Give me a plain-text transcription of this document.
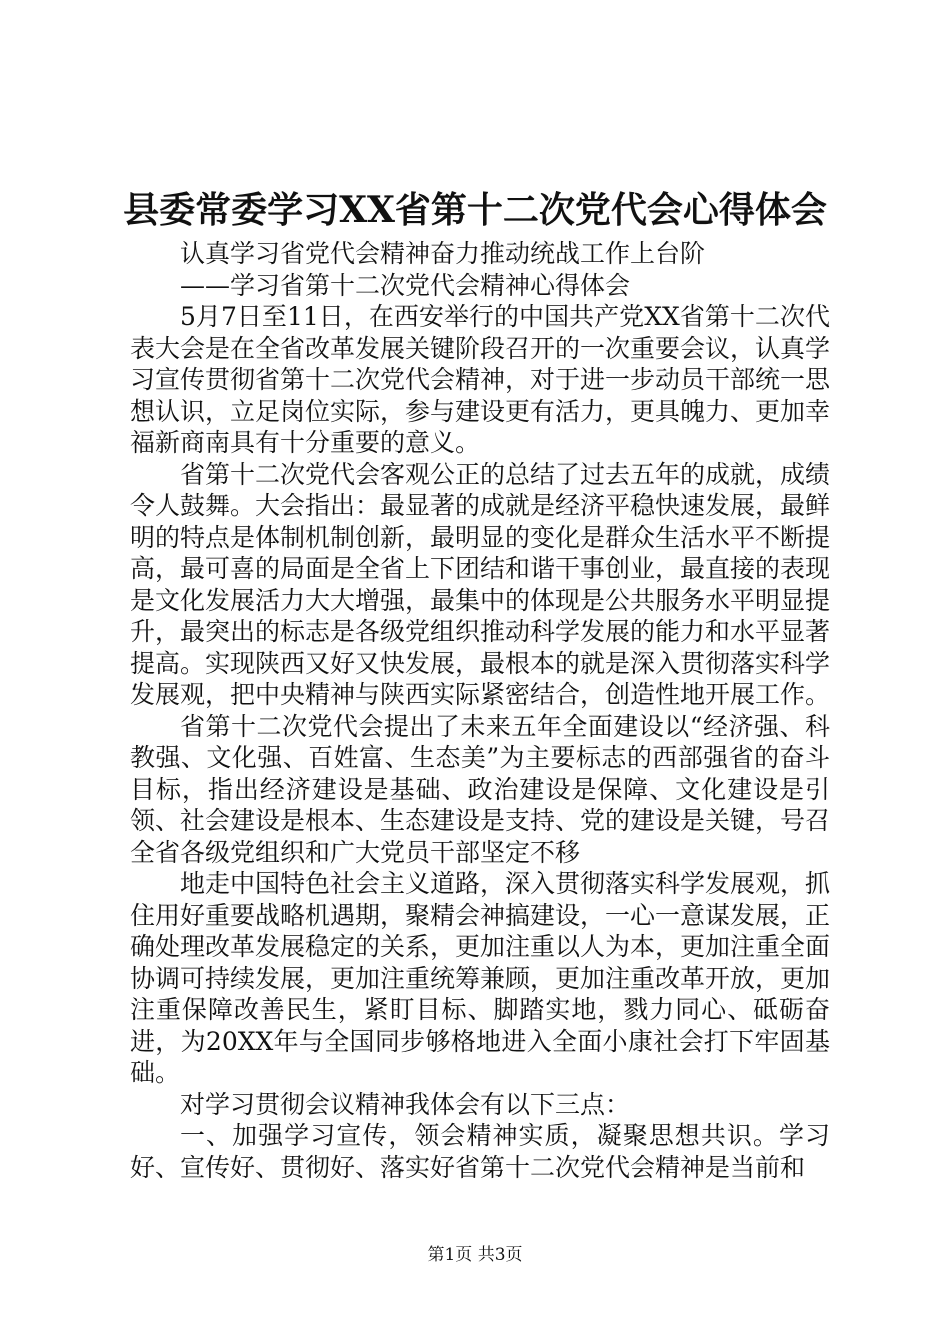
县委常委学习XX省第十二次党代会心得体会

认真学习省党代会精神奋力推动统战工作上台阶

——学习省第十二次党代会精神心得体会

5月7日至11日，在西安举行的中国共产党XX省第十二次代表大会是在全省改革发展关键阶段召开的一次重要会议，认真学习宣传贯彻省第十二次党代会精神，对于进一步动员干部统一思想认识，立足岗位实际，参与建设更有活力，更具魄力、更加幸福新商南具有十分重要的意义。

省第十二次党代会客观公正的总结了过去五年的成就，成绩令人鼓舞。大会指出：最显著的成就是经济平稳快速发展，最鲜明的特点是体制机制创新，最明显的变化是群众生活水平不断提高，最可喜的局面是全省上下团结和谐干事创业，最直接的表现是文化发展活力大大增强，最集中的体现是公共服务水平明显提升，最突出的标志是各级党组织推动科学发展的能力和水平显著提高。实现陕西又好又快发展，最根本的就是深入贯彻落实科学发展观，把中央精神与陕西实际紧密结合，创造性地开展工作。

省第十二次党代会提出了未来五年全面建设以“经济强、科教强、文化强、百姓富、生态美”为主要标志的西部强省的奋斗目标，指出经济建设是基础、政治建设是保障、文化建设是引领、社会建设是根本、生态建设是支持、党的建设是关键，号召全省各级党组织和广大党员干部坚定不移

地走中国特色社会主义道路，深入贯彻落实科学发展观，抓住用好重要战略机遇期，聚精会神搞建设，一心一意谋发展，正确处理改革发展稳定的关系，更加注重以人为本，更加注重全面协调可持续发展，更加注重统筹兼顾，更加注重改革开放，更加注重保障改善民生，紧盯目标、脚踏实地，戮力同心、砥砺奋进，为20XX年与全国同步够格地进入全面小康社会打下牢固基础。

对学习贯彻会议精神我体会有以下三点：

一、加强学习宣传，领会精神实质，凝聚思想共识。学习好、宣传好、贯彻好、落实好省第十二次党代会精神是当前和

第1页 共3页
